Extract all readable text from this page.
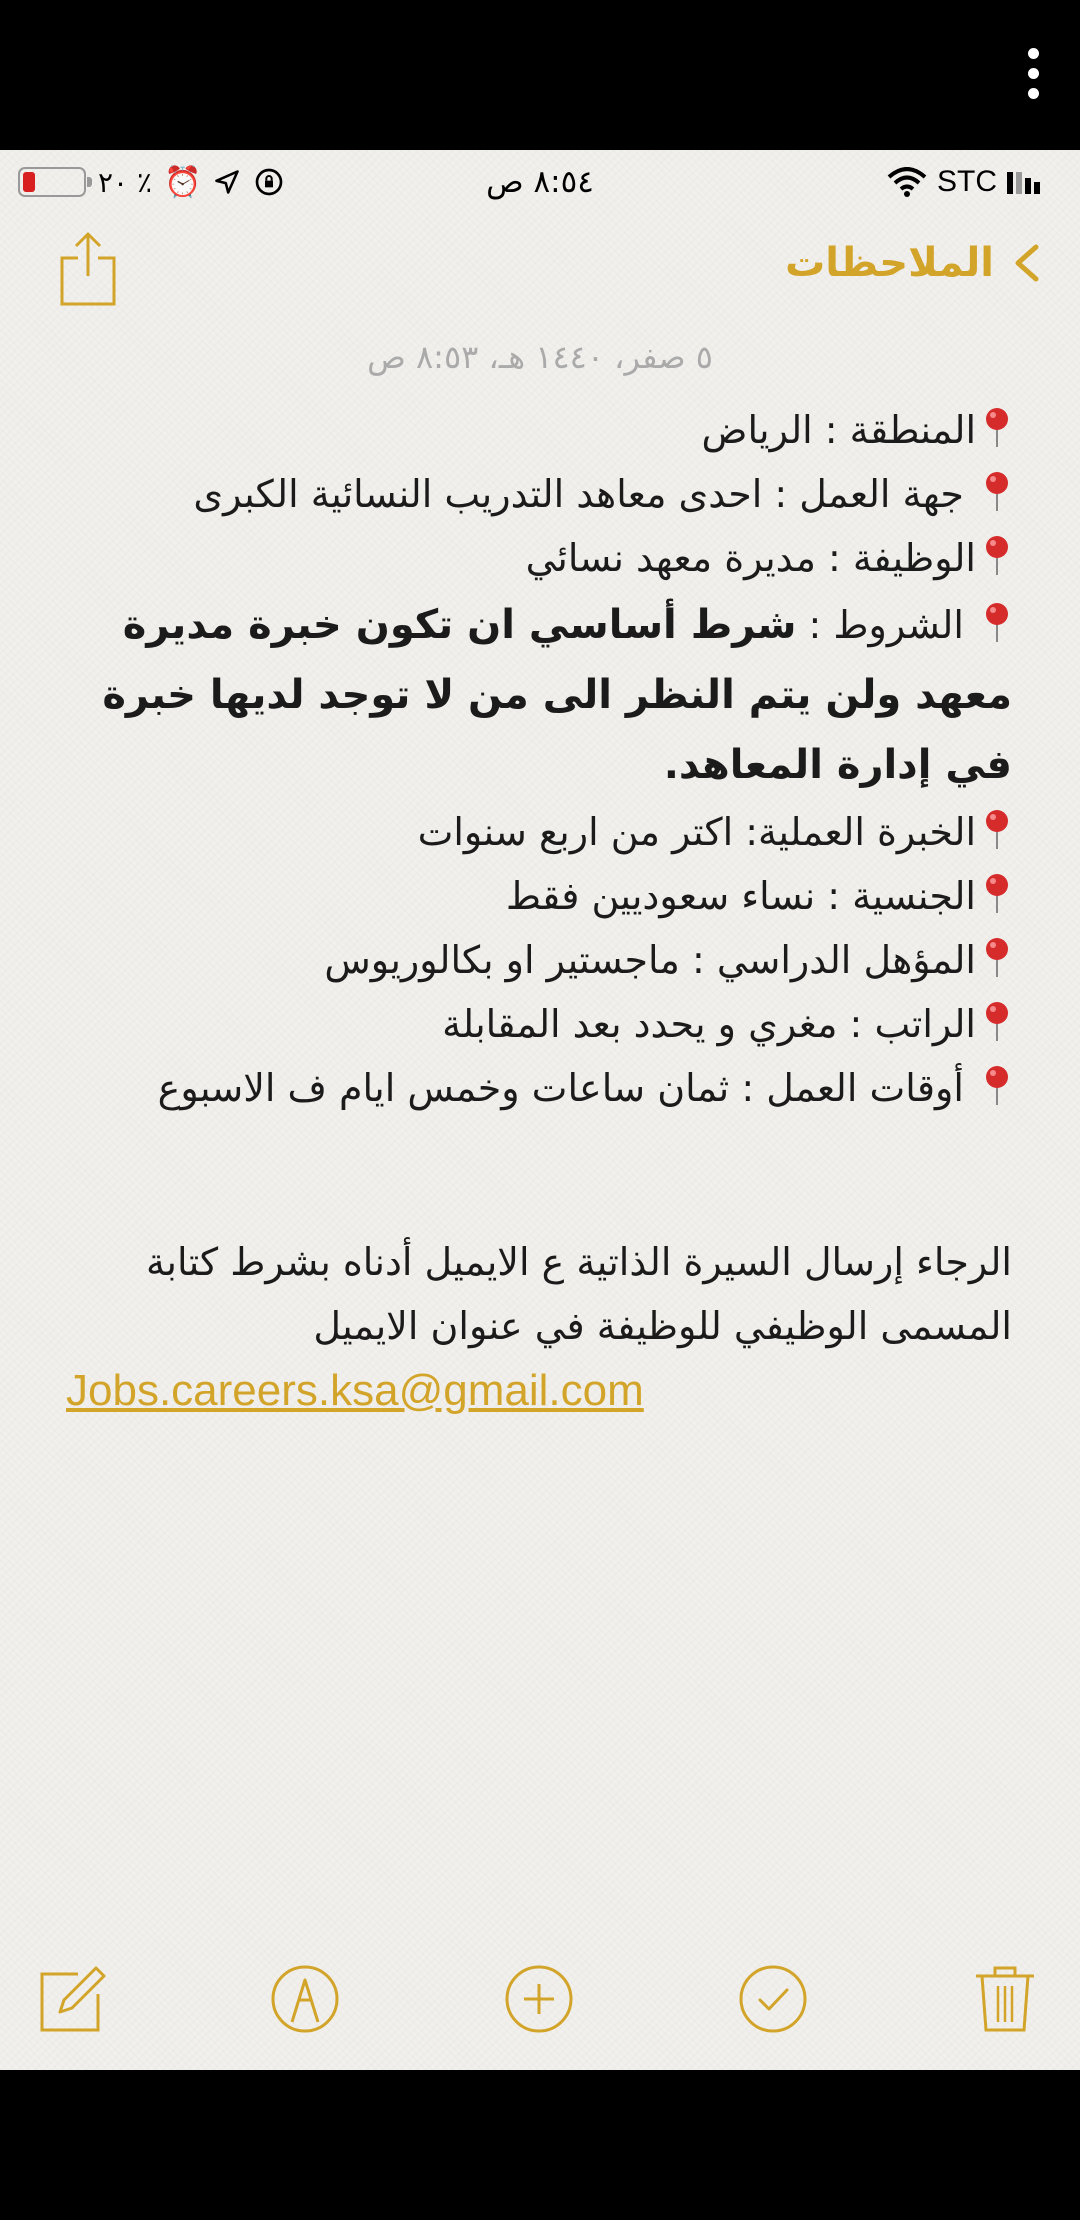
٢٠ ٪ ⏰	٨:٥٤ ص	STC
الملاحظات
٥ صفر، ١٤٤٠ هـ، ٨:٥٣ ص

المنطقة : الرياض

جهة العمل : احدى معاهد التدريب النسائية الكبرى

الوظيفة : مديرة معهد نسائي

الشروط : شرط أساسي ان تكون خبرة مديرة معهد ولن يتم النظر الى من لا توجد لديها خبرة في إدارة المعاهد.

الخبرة العملية: اكتر من اربع سنوات

الجنسية : نساء سعوديين فقط

المؤهل الدراسي : ماجستير او بكالوريوس

الراتب : مغري و يحدد بعد المقابلة

أوقات العمل : ثمان ساعات وخمس ايام ف الاسبوع

الرجاء إرسال السيرة الذاتية ع الايميل أدناه بشرط كتابة المسمى الوظيفي للوظيفة في عنوان الايميل

Jobs.careers.ksa@gmail.com
